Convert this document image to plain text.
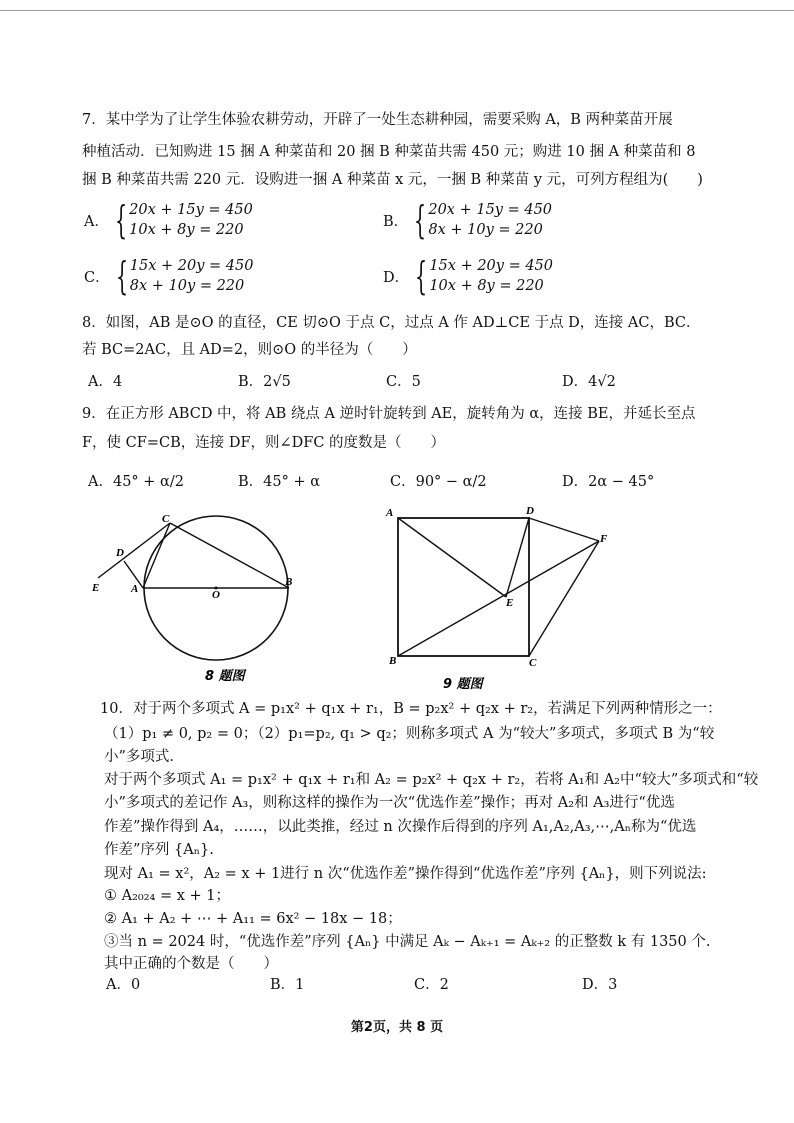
7．某中学为了让学生体验农耕劳动，开辟了一处生态耕种园，需要采购 A，B 两种菜苗开展
种植活动．已知购进 15 捆 A 种菜苗和 20 捆 B 种菜苗共需 450 元；购进 10 捆 A 种菜苗和 8
捆 B 种菜苗共需 220 元．设购进一捆 A 种菜苗 x 元，一捆 B 种菜苗 y 元，可列方程组为(　　)
A． { 20x + 15y = 450
10x + 8y = 220
B． { 20x + 15y = 450
8x + 10y = 220
C． { 15x + 20y = 450
8x + 10y = 220
D． { 15x + 20y = 450
10x + 8y = 220
8．如图，AB 是⊙O 的直径，CE 切⊙O 于点 C，过点 A 作 AD⊥CE 于点 D，连接 AC，BC．
若 BC=2AC，且 AD=2，则⊙O 的半径为（　　）
A．4	B．2√5	C．5	D．4√2
9．在正方形 ABCD 中，将 AB 绕点 A 逆时针旋转到 AE，旋转角为 α，连接 BE，并延长至点
F，使 CF=CB，连接 DF，则∠DFC 的度数是（　　）
A．45° + α/2	B．45° + α	C．90° − α/2	D．2α − 45°
C
D
E	A	O
B
8 题图
A	D
F
E
B	C
9 题图
10．对于两个多项式 A = p₁x² + q₁x + r₁，B = p₂x² + q₂x + r₂，若满足下列两种情形之一：
（1）p₁ ≠ 0, p₂ = 0；（2）p₁=p₂, q₁ > q₂；则称多项式 A 为“较大”多项式，多项式 B 为“较
小”多项式.
对于两个多项式 A₁ = p₁x² + q₁x + r₁和 A₂ = p₂x² + q₂x + r₂，若将 A₁和 A₂中“较大”多项式和“较
小”多项式的差记作 A₃，则称这样的操作为一次“优选作差”操作；再对 A₂和 A₃进行“优选
作差”操作得到 A₄，……，以此类推，经过 n 次操作后得到的序列 A₁,A₂,A₃,⋯,Aₙ称为“优选
作差”序列 {Aₙ}.
现对 A₁ = x²，A₂ = x + 1进行 n 次“优选作差”操作得到“优选作差”序列 {Aₙ}，则下列说法:
① A₂₀₂₄ = x + 1；
② A₁ + A₂ + ⋯ + A₁₁ = 6x² − 18x − 18；
③当 n = 2024 时，“优选作差”序列 {Aₙ} 中满足 Aₖ − Aₖ₊₁ = Aₖ₊₂ 的正整数 k 有 1350 个.
其中正确的个数是（　　）
A．0	B．1	C．2	D．3
第2页，共 8 页
